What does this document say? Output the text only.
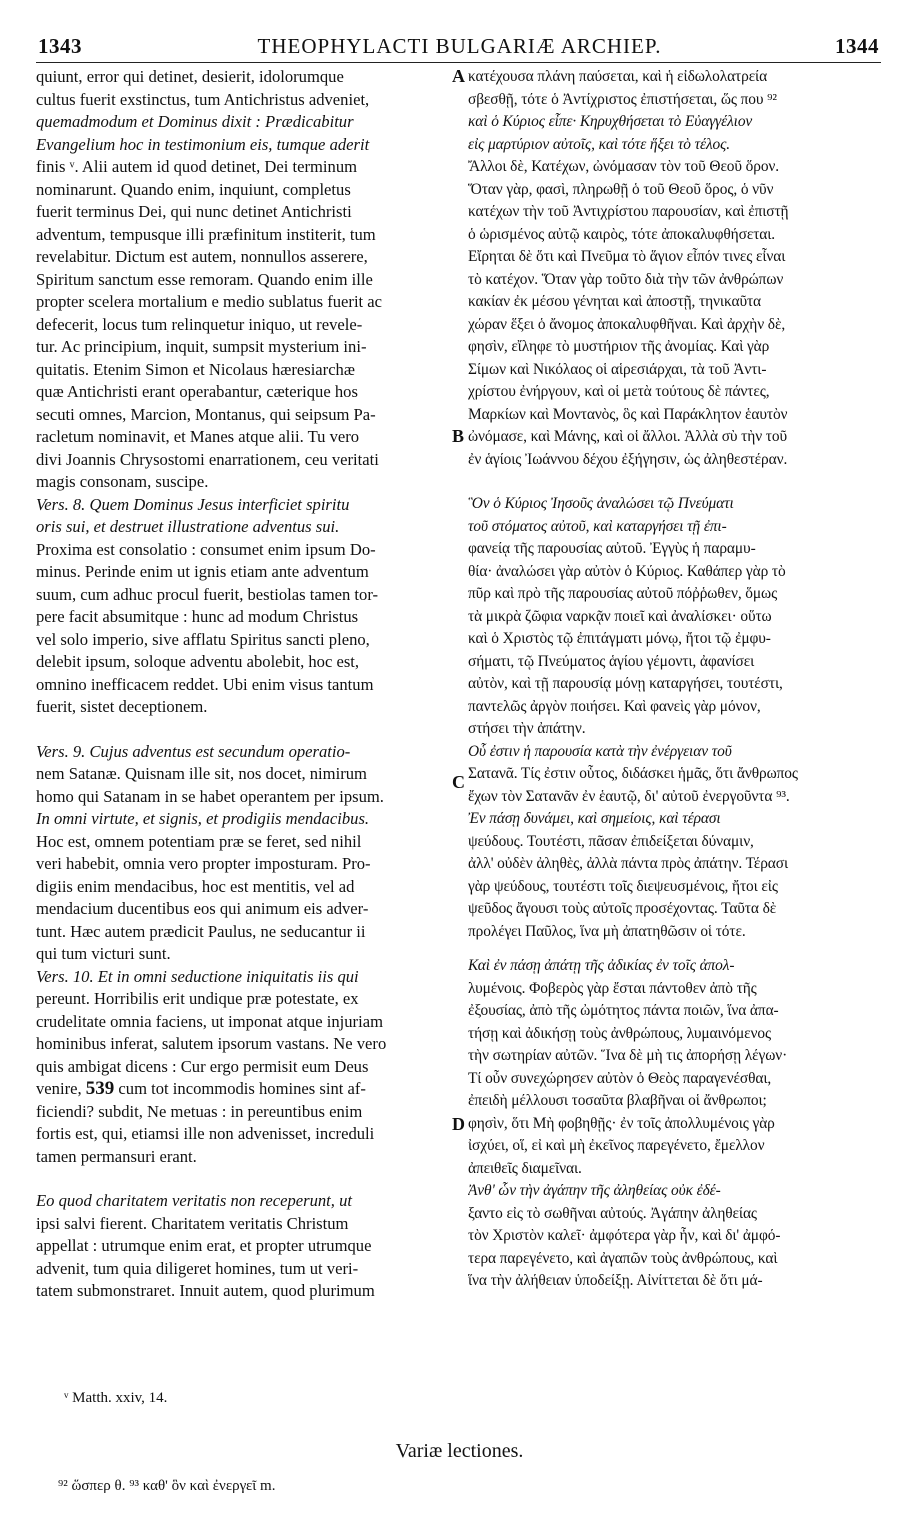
1343	THEOPHYLACTI BULGARIÆ ARCHIEP.	1344
A
B
C
D
quiunt, error qui detinet, desierit, idolorumque
cultus fuerit exstinctus, tum Antichristus adveniet,
quemadmodum et Dominus dixit : Prædicabitur
Evangelium hoc in testimonium eis, tumque aderit
finis ᵛ. Alii autem id quod detinet, Dei terminum
nominarunt. Quando enim, inquiunt, completus
fuerit terminus Dei, qui nunc detinet Antichristi
adventum, tempusque illi præfinitum institerit, tum
revelabitur. Dictum est autem, nonnullos asserere,
Spiritum sanctum esse remoram. Quando enim ille
propter scelera mortalium e medio sublatus fuerit ac
defecerit, locus tum relinquetur iniquo, ut revele-
tur. Ac principium, inquit, sumpsit mysterium ini-
quitatis. Etenim Simon et Nicolaus hæresiarchæ
quæ Antichristi erant operabantur, cæterique hos
secuti omnes, Marcion, Montanus, qui seipsum Pa-
racletum nominavit, et Manes atque alii. Tu vero
divi Joannis Chrysostomi enarrationem, ceu veritati
magis consonam, suscipe.
Vers. 8. Quem Dominus Jesus interficiet spiritu
oris sui, et destruet illustratione adventus sui.
Proxima est consolatio : consumet enim ipsum Do-
minus. Perinde enim ut ignis etiam ante adventum
suum, cum adhuc procul fuerit, bestiolas tamen tor-
pere facit absumitque : hunc ad modum Christus
vel solo imperio, sive afflatu Spiritus sancti pleno,
delebit ipsum, soloque adventu abolebit, hoc est,
omnino inefficacem reddet. Ubi enim visus tantum
fuerit, sistet deceptionem.
Vers. 9. Cujus adventus est secundum operatio-
nem Satanæ. Quisnam ille sit, nos docet, nimirum
homo qui Satanam in se habet operantem per ipsum.
In omni virtute, et signis, et prodigiis mendacibus.
Hoc est, omnem potentiam præ se feret, sed nihil
veri habebit, omnia vero propter imposturam. Pro-
digiis enim mendacibus, hoc est mentitis, vel ad
mendacium ducentibus eos qui animum eis adver-
tunt. Hæc autem prædicit Paulus, ne seducantur ii
qui tum victuri sunt.
Vers. 10. Et in omni seductione iniquitatis iis qui
pereunt. Horribilis erit undique præ potestate, ex
crudelitate omnia faciens, ut imponat atque injuriam
hominibus inferat, salutem ipsorum vastans. Ne vero
quis ambigat dicens : Cur ergo permisit eum Deus
venire, 539 cum tot incommodis homines sint af-
ficiendi? subdit, Ne metuas : in pereuntibus enim
fortis est, qui, etiamsi ille non advenisset, increduli
tamen permansuri erant.
Eo quod charitatem veritatis non receperunt, ut
ipsi salvi fierent. Charitatem veritatis Christum
appellat : utrumque enim erat, et propter utrumque
advenit, tum quia diligeret homines, tum ut veri-
tatem submonstraret. Innuit autem, quod plurimum
κατέχουσα πλάνη παύσεται, καὶ ἡ εἰδωλολατρεία
σβεσθῇ, τότε ὁ Ἀντίχριστος ἐπιστήσεται, ὥς που ⁹²
καὶ ὁ Κύριος εἶπε· Κηρυχθήσεται τὸ Εὐαγγέλιον
εἰς μαρτύριον αὐτοῖς, καὶ τότε ἥξει τὸ τέλος.
Ἄλλοι δὲ, Κατέχων, ὠνόμασαν τὸν τοῦ Θεοῦ ὅρον.
Ὅταν γὰρ, φασὶ, πληρωθῇ ὁ τοῦ Θεοῦ ὅρος, ὁ νῦν
κατέχων τὴν τοῦ Ἀντιχρίστου παρουσίαν, καὶ ἐπιστῇ
ὁ ὡρισμένος αὐτῷ καιρὸς, τότε ἀποκαλυφθήσεται.
Εἴρηται δὲ ὅτι καὶ Πνεῦμα τὸ ἅγιον εἶπόν τινες εἶναι
τὸ κατέχον. Ὅταν γὰρ τοῦτο διὰ τὴν τῶν ἀνθρώπων
κακίαν ἐκ μέσου γένηται καὶ ἀποστῇ, τηνικαῦτα
χώραν ἕξει ὁ ἄνομος ἀποκαλυφθῆναι. Καὶ ἀρχὴν δὲ,
φησὶν, εἴληφε τὸ μυστήριον τῆς ἀνομίας. Καὶ γὰρ
Σίμων καὶ Νικόλαος οἱ αἱρεσιάρχαι, τὰ τοῦ Ἀντι-
χρίστου ἐνήργουν, καὶ οἱ μετὰ τούτους δὲ πάντες,
Μαρκίων καὶ Μοντανὸς, ὃς καὶ Παράκλητον ἑαυτὸν
ὠνόμασε, καὶ Μάνης, καὶ οἱ ἄλλοι. Ἀλλὰ σὺ τὴν τοῦ
ἐν ἁγίοις Ἰωάννου δέχου ἐξήγησιν, ὡς ἀληθεστέραν.
Ὃν ὁ Κύριος Ἰησοῦς ἀναλώσει τῷ Πνεύματι
τοῦ στόματος αὐτοῦ, καὶ καταργήσει τῇ ἐπι-
φανείᾳ τῆς παρουσίας αὐτοῦ. Ἐγγὺς ἡ παραμυ-
θία· ἀναλώσει γὰρ αὐτὸν ὁ Κύριος. Καθάπερ γὰρ τὸ
πῦρ καὶ πρὸ τῆς παρουσίας αὐτοῦ πόῤῥωθεν, ὅμως
τὰ μικρὰ ζῶφια ναρκᾷν ποιεῖ καὶ ἀναλίσκει· οὕτω
καὶ ὁ Χριστὸς τῷ ἐπιτάγματι μόνῳ, ἤτοι τῷ ἐμφυ-
σήματι, τῷ Πνεύματος ἁγίου γέμοντι, ἀφανίσει
αὐτὸν, καὶ τῇ παρουσίᾳ μόνῃ καταργήσει, τουτέστι,
παντελῶς ἀργὸν ποιήσει. Καὶ φανεὶς γὰρ μόνον,
στήσει τὴν ἀπάτην.
Οὗ ἐστιν ἡ παρουσία κατὰ τὴν ἐνέργειαν τοῦ
Σατανᾶ. Τίς ἐστιν οὗτος, διδάσκει ἡμᾶς, ὅτι ἄνθρωπος
ἔχων τὸν Σατανᾶν ἐν ἑαυτῷ, δι' αὐτοῦ ἐνεργοῦντα ⁹³.
Ἐν πάσῃ δυνάμει, καὶ σημείοις, καὶ τέρασι
ψεύδους. Τουτέστι, πᾶσαν ἐπιδείξεται δύναμιν,
ἀλλ' οὐδὲν ἀληθὲς, ἀλλὰ πάντα πρὸς ἀπάτην. Τέρασι
γὰρ ψεύδους, τουτέστι τοῖς διεψευσμένοις, ἤτοι εἰς
ψεῦδος ἄγουσι τοὺς αὐτοῖς προσέχοντας. Ταῦτα δὲ
προλέγει Παῦλος, ἵνα μὴ ἀπατηθῶσιν οἱ τότε.
Καὶ ἐν πάσῃ ἀπάτῃ τῆς ἀδικίας ἐν τοῖς ἀπολ-
λυμένοις. Φοβερὸς γὰρ ἔσται πάντοθεν ἀπὸ τῆς
ἐξουσίας, ἀπὸ τῆς ὠμότητος πάντα ποιῶν, ἵνα ἀπα-
τήσῃ καὶ ἀδικήσῃ τοὺς ἀνθρώπους, λυμαινόμενος
τὴν σωτηρίαν αὐτῶν. Ἵνα δὲ μὴ τις ἀπορήσῃ λέγων·
Τί οὖν συνεχώρησεν αὐτὸν ὁ Θεὸς παραγενέσθαι,
ἐπειδὴ μέλλουσι τοσαῦτα βλαβῆναι οἱ ἄνθρωποι;
φησὶν, ὅτι Μὴ φοβηθῇς· ἐν τοῖς ἀπολλυμένοις γὰρ
ἰσχύει, οἵ, εἰ καὶ μὴ ἐκεῖνος παρεγένετο, ἔμελλον
ἀπειθεῖς διαμεῖναι.
Ἀνθ' ὧν τὴν ἀγάπην τῆς ἀληθείας οὐκ ἐδέ-
ξαντο εἰς τὸ σωθῆναι αὐτούς. Ἀγάπην ἀληθείας
τὸν Χριστὸν καλεῖ· ἀμφότερα γὰρ ἦν, καὶ δι' ἀμφό-
τερα παρεγένετο, καὶ ἀγαπῶν τοὺς ἀνθρώπους, καὶ
ἵνα τὴν ἀλήθειαν ὑποδείξῃ. Αἰνίττεται δὲ ὅτι μά-
ᵛ Matth. xxiv, 14.
Variæ lectiones.
⁹² ὥσπερ θ. ⁹³ καθ' ὃν καὶ ἐνεργεῖ m.
